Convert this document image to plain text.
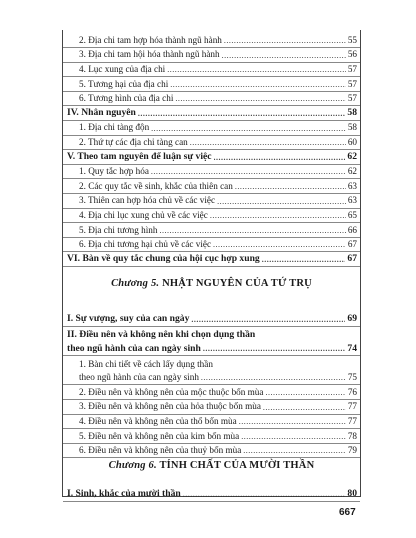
Chương 5. NHẬT NGUYÊN CỦA TỨ TRỤ
Chương 6. TÍNH CHẤT CỦA MƯỜI THẦN
2. Địa chi tam hợp hóa thành ngũ hành .....	55
3. Địa chi tam hội hóa thành ngũ hành .....	56
4. Lục xung của địa chi .....	57
5. Tương hại của địa chi .....	57
6. Tương hình của địa chi .....	57
IV. Nhân nguyên .....	58
1. Địa chi tàng độn .....	58
2. Thứ tự các địa chi tàng can .....	60
V. Theo tam nguyên để luận sự việc .....	62
1. Quy tắc hợp hóa .....	62
2. Các quy tắc về sinh, khắc của thiên can .....	63
3. Thiên can hợp hóa chủ về các việc .....	63
4. Địa chi lục xung chủ về các việc .....	65
5. Địa chi tương hình .....	66
6. Địa chi tương hại chủ về các việc .....	67
VI. Bàn về quy tắc chung của hội cục hợp xung .....	67
I. Sự vượng, suy của can ngày .....	69
II. Điều nên và không nên khi chọn dụng thần
theo ngũ hành của can ngày sinh .....	74
1. Bàn chi tiết về cách lấy dụng thần
theo ngũ hành của can ngày sinh .....	75
2. Điều nên và không nên của mộc thuộc bốn mùa .....	76
3. Điều nên và không nên của hỏa thuộc bốn mùa .....	77
4. Điều nên và không nên của thổ bốn mùa .....	77
5. Điều nên và không nên của kim bốn mùa .....	78
6. Điều nên và không nên của thuỷ bốn mùa .....	79
I. Sinh, khắc của mười thần .....	80
667
